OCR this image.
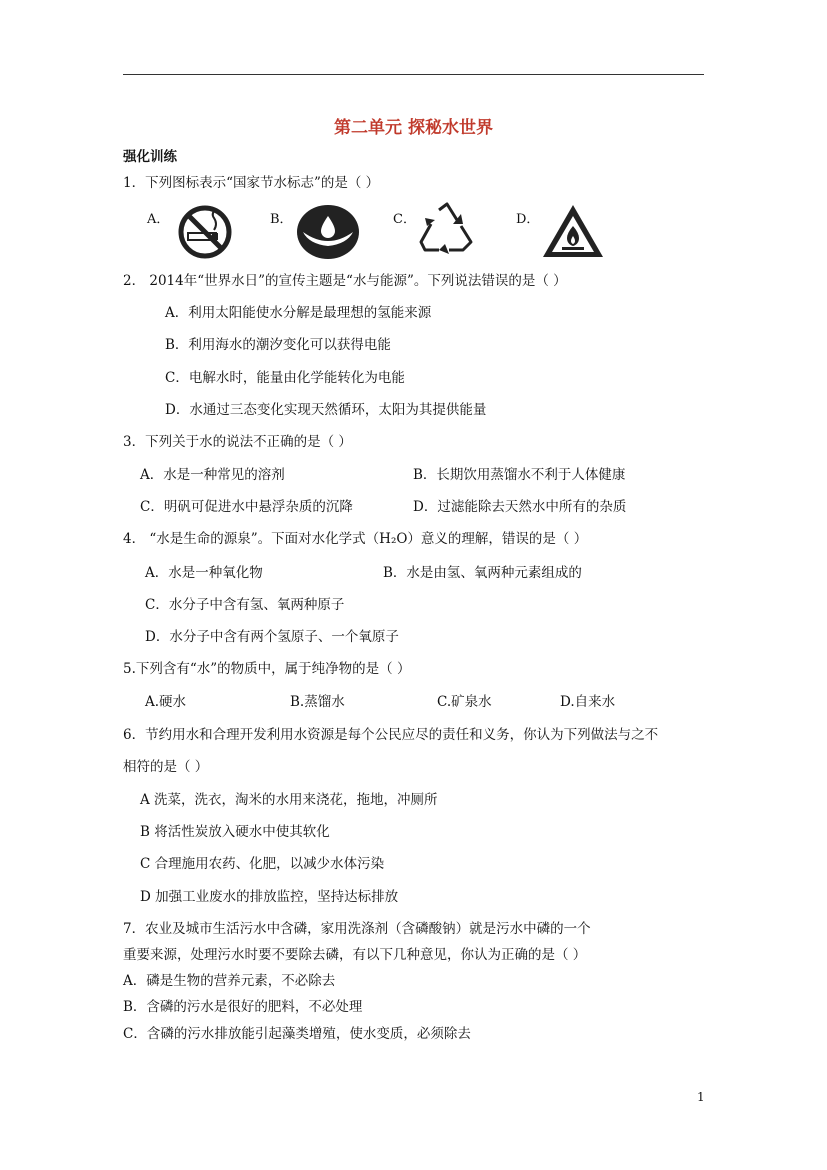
第二单元 探秘水世界
强化训练
1．下列图标表示“国家节水标志”的是（ ）
A．	B．	C．	D．
2． 2014年“世界水日”的宣传主题是“水与能源”。下列说法错误的是（ ）
A．利用太阳能使水分解是最理想的氢能来源
B．利用海水的潮汐变化可以获得电能
C．电解水时，能量由化学能转化为电能
D．水通过三态变化实现天然循环，太阳为其提供能量
3．下列关于水的说法不正确的是（ ）
A．水是一种常见的溶剂	B．长期饮用蒸馏水不利于人体健康
C．明矾可促进水中悬浮杂质的沉降	D．过滤能除去天然水中所有的杂质
4． “水是生命的源泉”。下面对水化学式（H₂O）意义的理解，错误的是（ ）
A．水是一种氧化物	B．水是由氢、氧两种元素组成的
C．水分子中含有氢、氧两种原子
D．水分子中含有两个氢原子、一个氧原子
5.下列含有“水”的物质中，属于纯净物的是（ ）
A.硬水	B.蒸馏水	C.矿泉水	D.自来水
6．节约用水和合理开发利用水资源是每个公民应尽的责任和义务，你认为下列做法与之不
相符的是（ ）
A 洗菜，洗衣，淘米的水用来浇花，拖地，冲厕所
B 将活性炭放入硬水中使其软化
C 合理施用农药、化肥，以减少水体污染
D 加强工业废水的排放监控，坚持达标排放
7．农业及城市生活污水中含磷，家用洗涤剂（含磷酸钠）就是污水中磷的一个
重要来源，处理污水时要不要除去磷，有以下几种意见，你认为正确的是（ ）
A．磷是生物的营养元素，不必除去
B．含磷的污水是很好的肥料，不必处理
C．含磷的污水排放能引起藻类增殖，使水变质，必须除去
1
